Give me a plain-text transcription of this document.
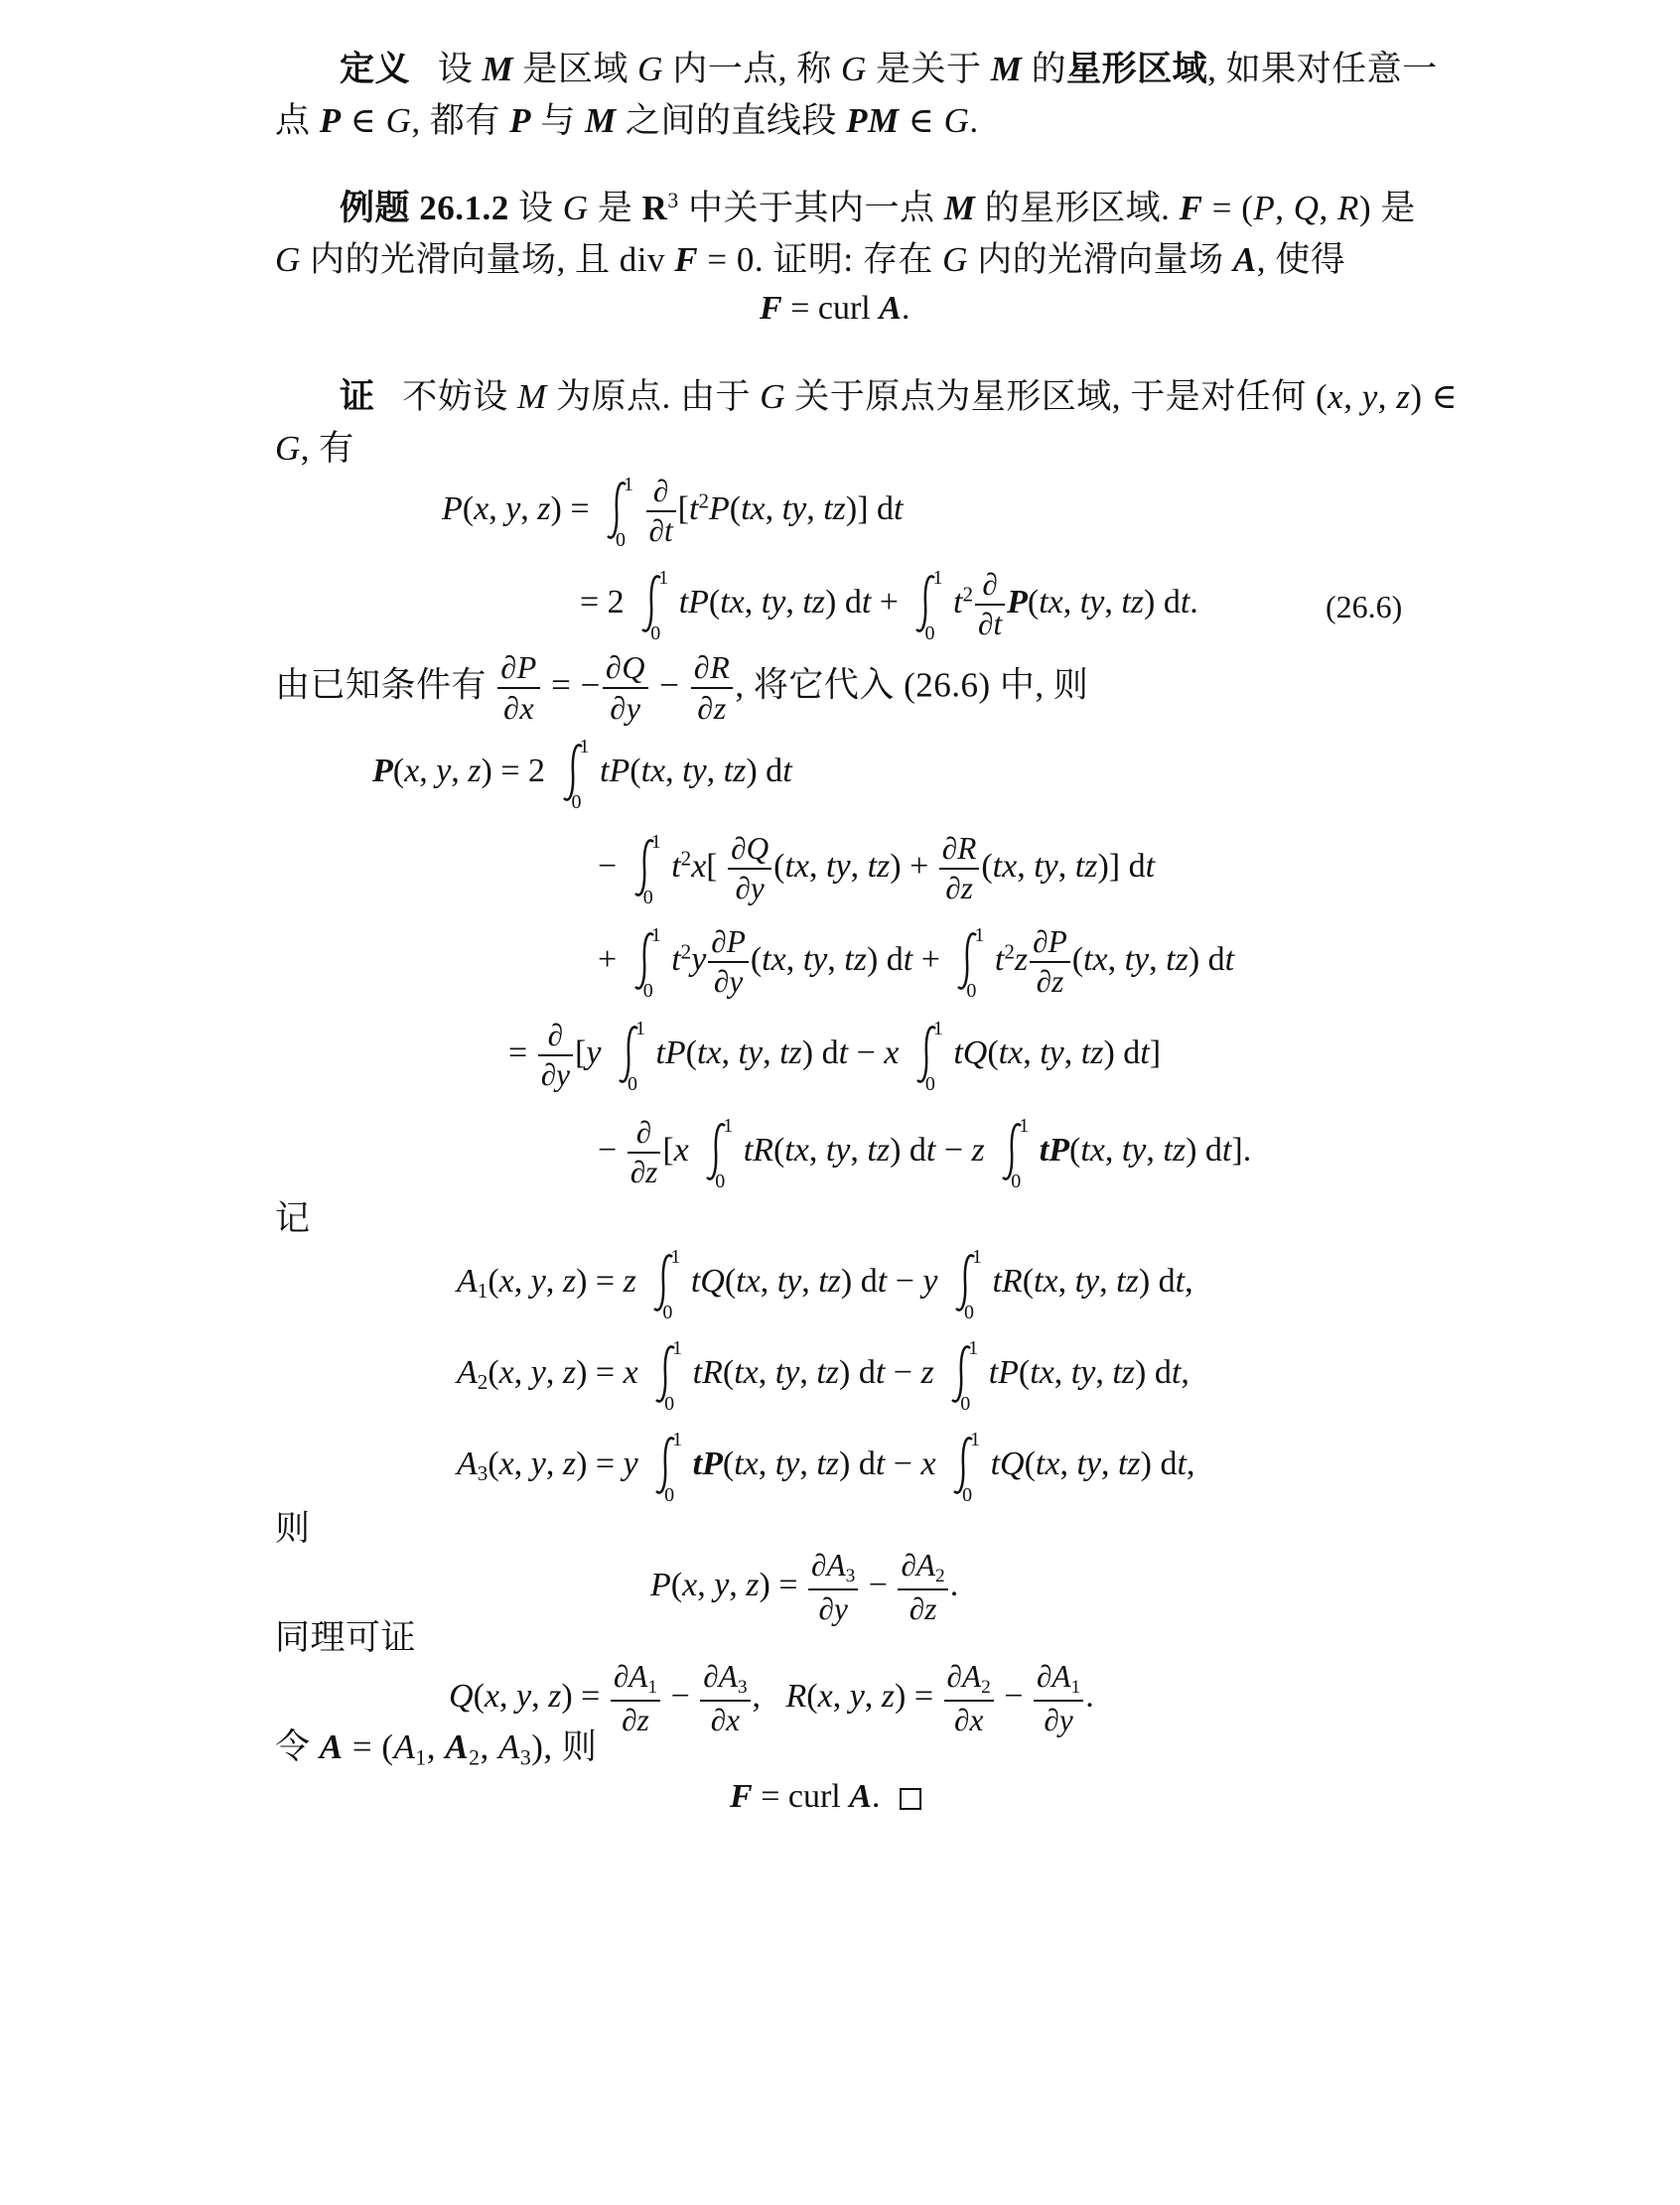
定义   设 M 是区域 G 内一点, 称 G 是关于 M 的星形区域, 如果对任意一
点 P ∈ G, 都有 P 与 M 之间的直线段 PM ∈ G.
例题 26.1.2 设 G 是 $R^3$ 中关于其内一点 M 的星形区域. F = (P, Q, R) 是
G 内的光滑向量场, 且 div F = 0. 证明: 存在 G 内的光滑向量场 A, 使得
F = curl A.
证   不妨设 M 为原点. 由于 G 关于原点为星形区域, 于是对任何 (x, y, z) ∈
G, 有
P(x, y, z) =
1
0
$\frac{\partial}{\partial t} [t^2P(tx$, ty, tz)] dt
= 2
1
0
tP(tx, ty, tz) dt +
1
0
$t^2 \frac{\partial}{\partial t} P(tx$, ty, tz) dt.	(26.6)
由已知条件有 $\frac{\partial P}{\partial x}$ = − $\frac{\partial Q}{\partial y} - \frac{\partial R}{\partial z}$ , 将它代入 (26.6) 中, 则
P(x, y, z) = 2
1
0
tP(tx, ty, tz) dt
−
1
0
$t^2x[ \frac{\partial Q}{\partial y} (tx$, ty, $tz) + \frac{\partial R}{\partial z} (tx$, ty, tz)] dt
+
1
0
$t^2y \frac{\partial P}{\partial y} (tx$, ty, tz) dt +
1
0
$t^2z \frac{\partial P}{\partial z} (tx$, ty, tz) dt
= $\frac{\partial}{\partial y} [y$
1
0
tP(tx, ty, tz) dt − x
1
0
tQ(tx, ty, tz) dt]
− $\frac{\partial}{\partial z} [x$
1
0
tR(tx, ty, tz) dt − z
1
0
tP(tx, ty, tz) dt].
记
$A_1(x$, y, z) = z
1
0
tQ(tx, ty, tz) dt − y
1
0
tR(tx, ty, tz) dt,
$A_2(x$, y, z) = x
1
0
tR(tx, ty, tz) dt − z
1
0
tP(tx, ty, tz) dt,
$A_3(x$, y, z) = y
1
0
tP(tx, ty, tz) dt − x
1
0
tQ(tx, ty, tz) dt,
则
P(x, y, $z) = \frac{\partial A_3}{\partial y} - \frac{\partial A_2}{\partial z}$ .
同理可证
Q(x, y, $z) = \frac{\partial A_1}{\partial z} - \frac{\partial A_3}{\partial x}$ ,   R(x, y, $z) = \frac{\partial A_2}{\partial x} - \frac{\partial A_1}{\partial y}$ .
令 $A = (A_1$, $A_2$, $A_3$), 则
F = curl A.
